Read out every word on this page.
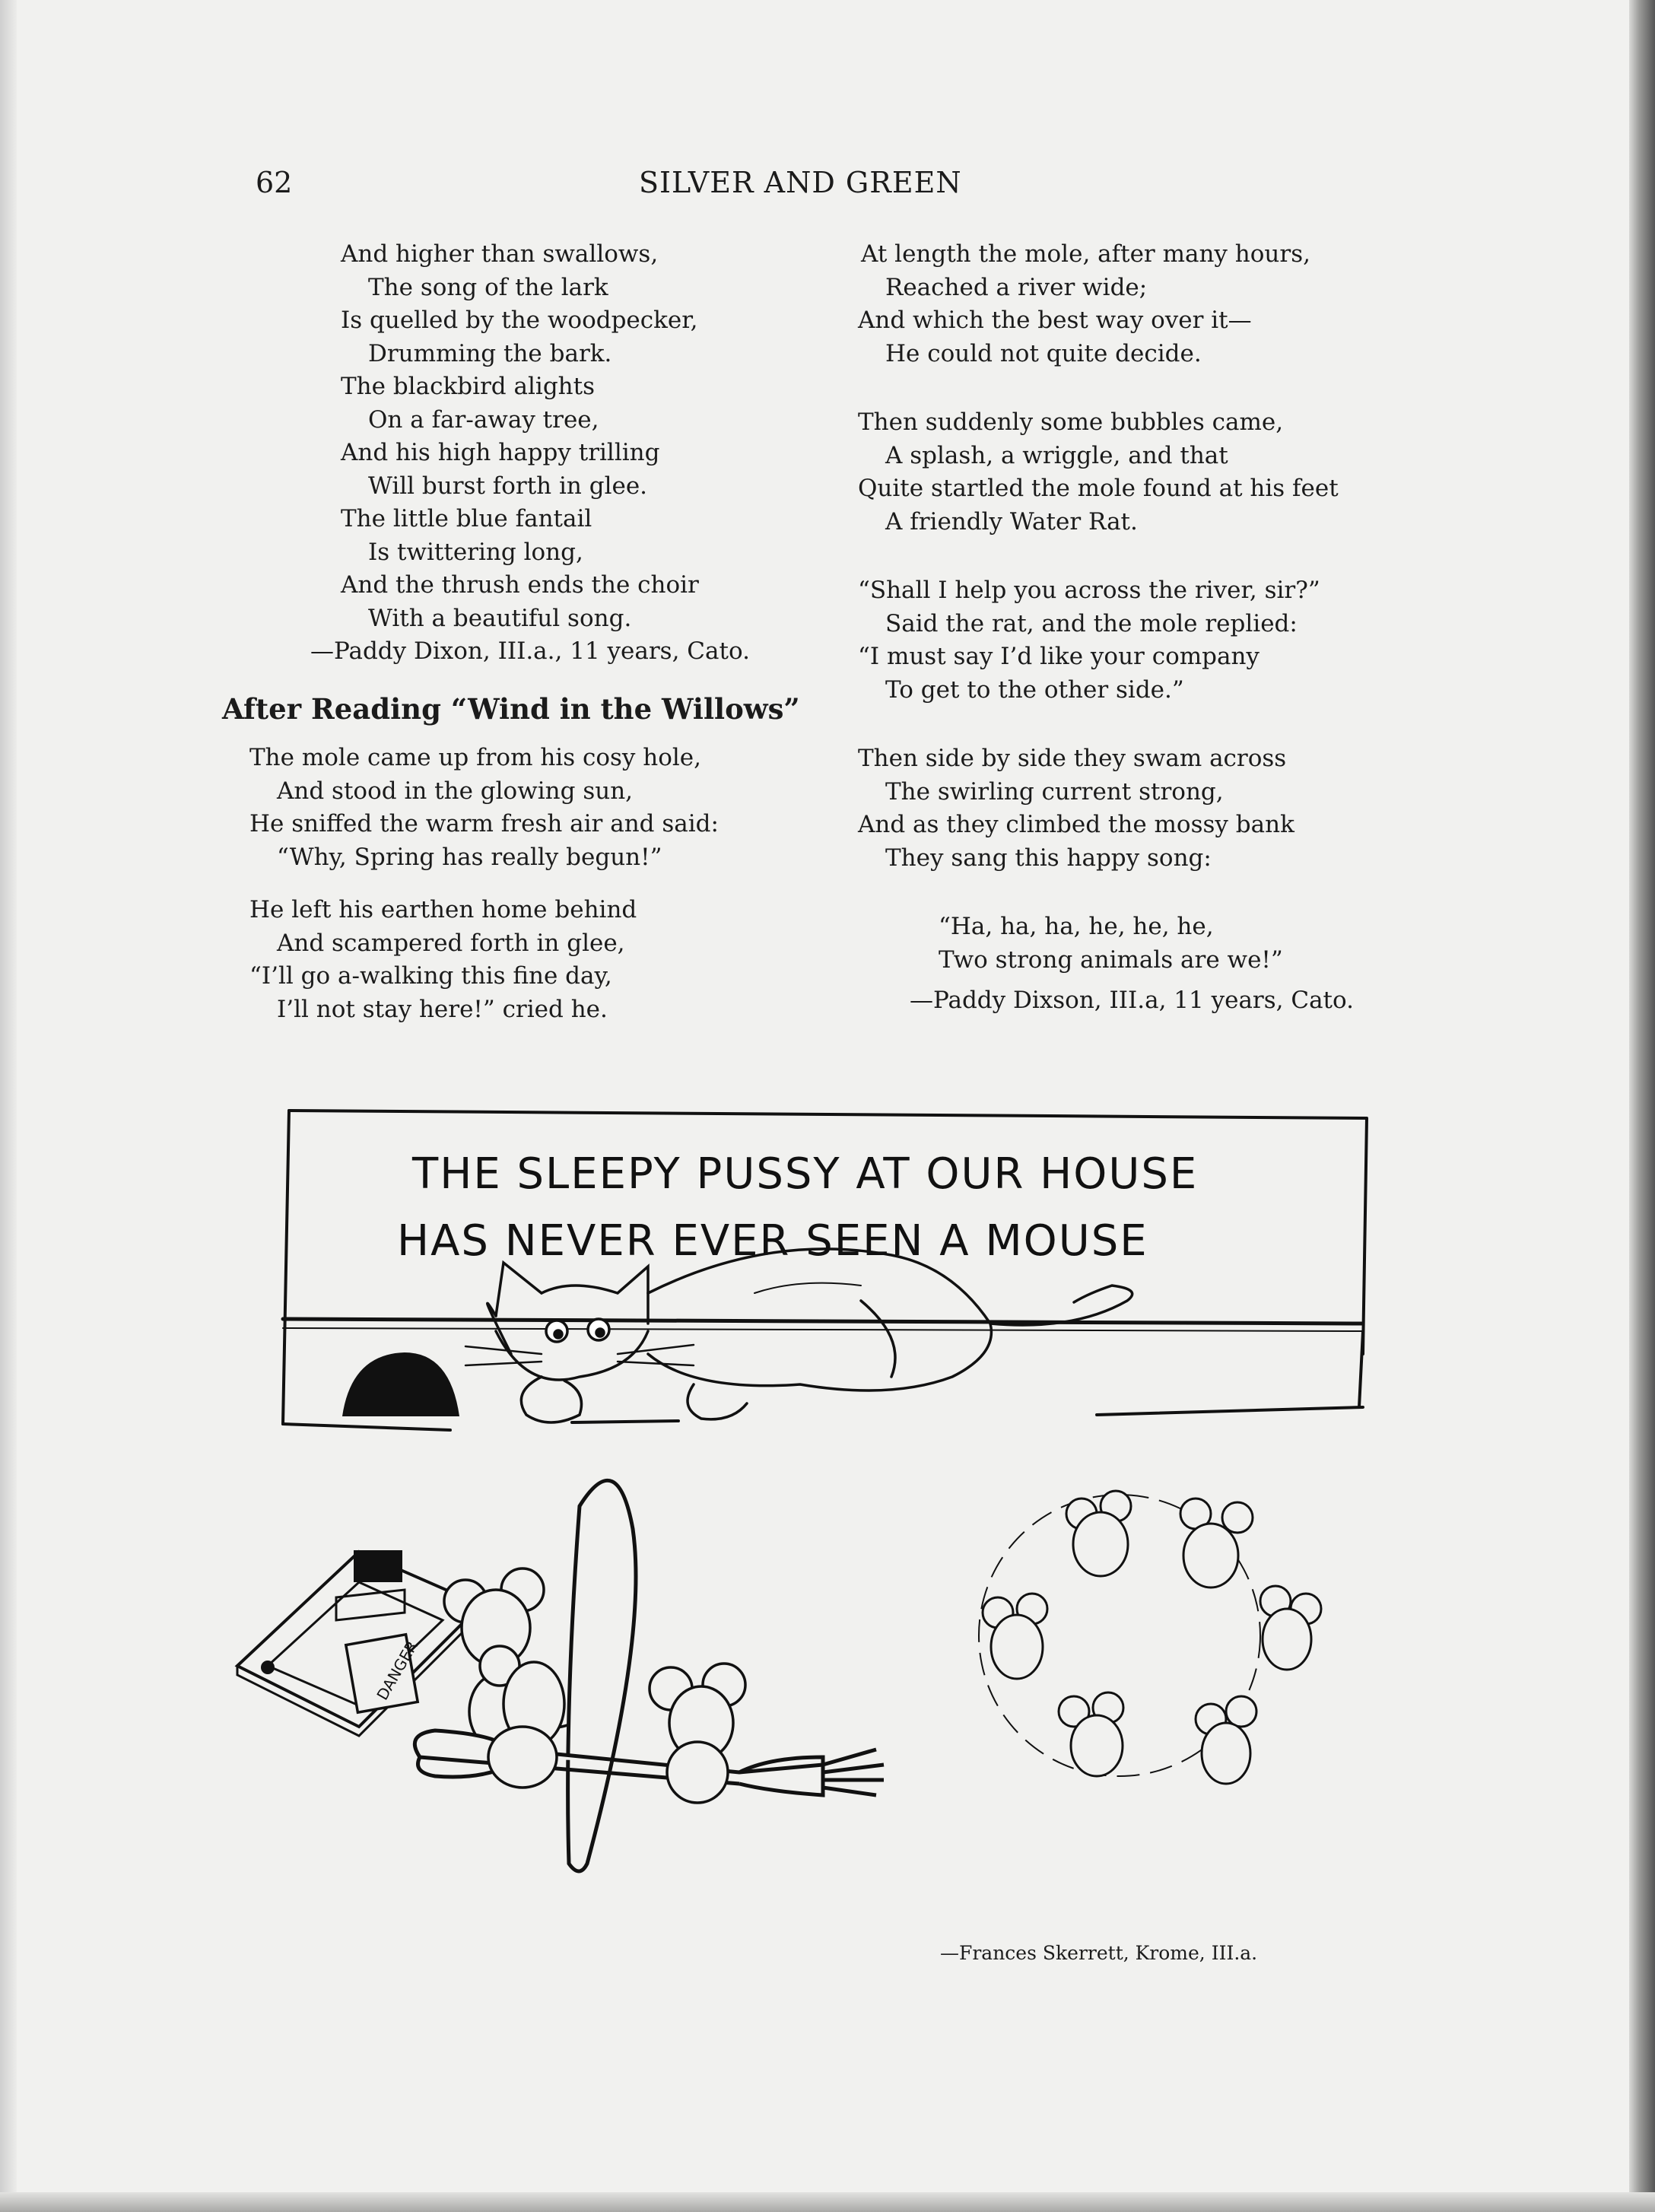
62	SILVER AND GREEN
And higher than swallows,
The song of the lark
Is quelled by the woodpecker,
Drumming the bark.
The blackbird alights
On a far-away tree,
And his high happy trilling
Will burst forth in glee.
The little blue fantail
Is twittering long,
And the thrush ends the choir
With a beautiful song.
—Paddy Dixon, III.a., 11 years, Cato.
After Reading “Wind in the Willows”
The mole came up from his cosy hole,
And stood in the glowing sun,
He sniffed the warm fresh air and said:
“Why, Spring has really begun!”
He left his earthen home behind
And scampered forth in glee,
“I’ll go a-walking this fine day,
I’ll not stay here!” cried he.
At length the mole, after many hours,
Reached a river wide;
And which the best way over it—
He could not quite decide.
Then suddenly some bubbles came,
A splash, a wriggle, and that
Quite startled the mole found at his feet
A friendly Water Rat.
“Shall I help you across the river, sir?”
Said the rat, and the mole replied:
“I must say I’d like your company
To get to the other side.”
Then side by side they swam across
The swirling current strong,
And as they climbed the mossy bank
They sang this happy song:
“Ha, ha, ha, he, he, he,
Two strong animals are we!”
—Paddy Dixson, III.a, 11 years, Cato.
THE SLEEPY PUSSY AT OUR HOUSE
HAS NEVER EVER SEEN A MOUSE
DANGER
—Frances Skerrett, Krome, III.a.
